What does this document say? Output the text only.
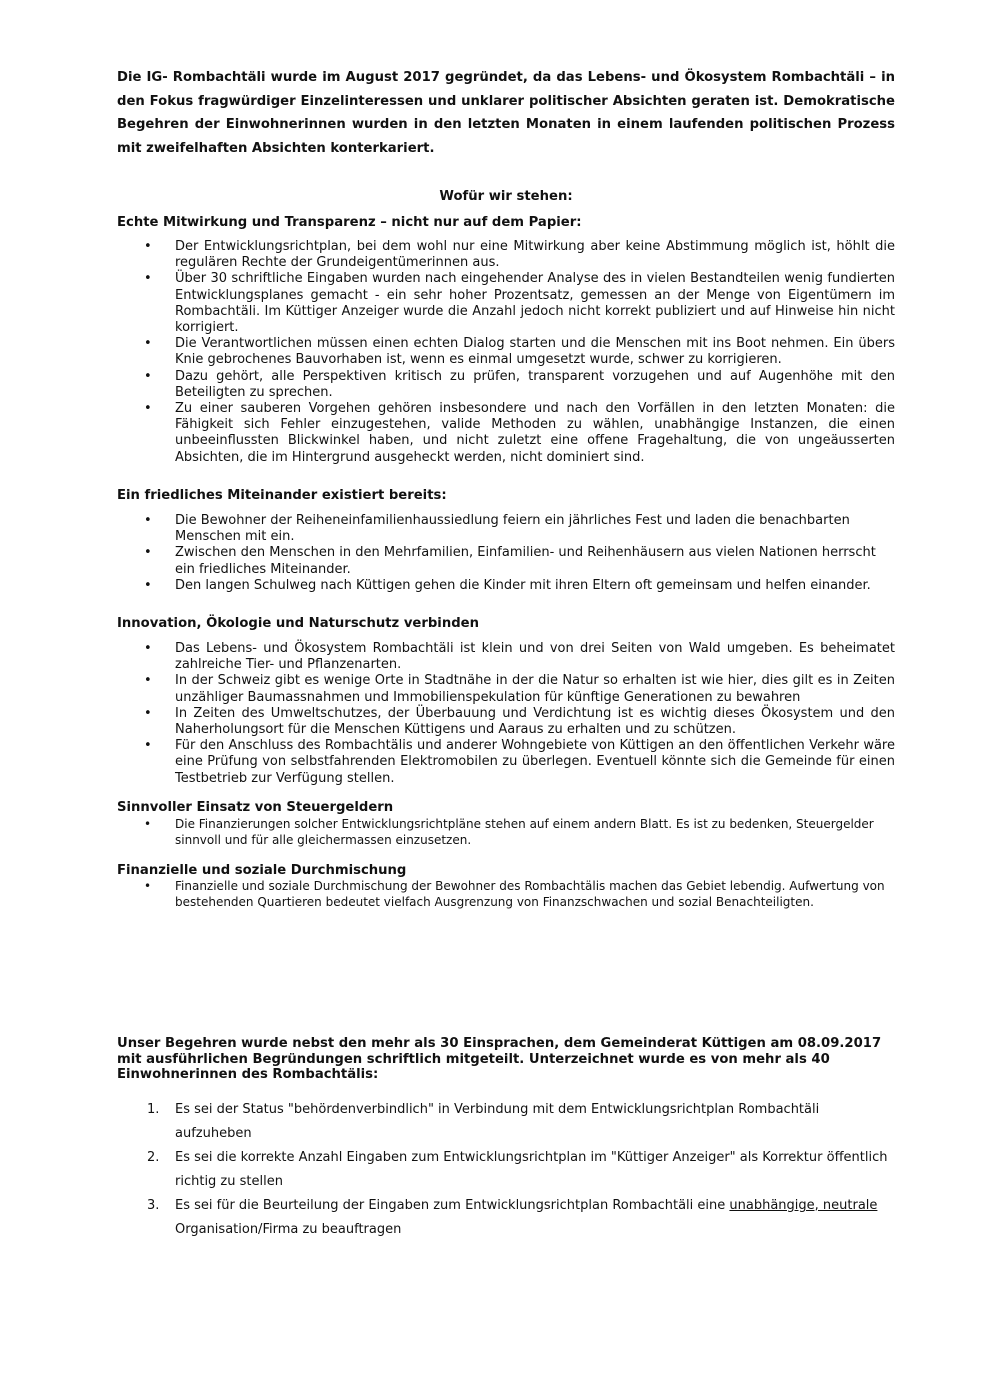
Die IG- Rombachtäli wurde im August 2017 gegründet, da das Lebens- und Ökosystem Rombachtäli – in den Fokus fragwürdiger Einzelinteressen und unklarer politischer Absichten geraten ist. Demokratische Begehren der Einwohnerinnen wurden in den letzten Monaten in einem laufenden politischen Prozess mit zweifelhaften Absichten konterkariert.

Wofür wir stehen:

Echte Mitwirkung und Transparenz – nicht nur auf dem Papier:

• Der Entwicklungsrichtplan, bei dem wohl nur eine Mitwirkung aber keine Abstimmung möglich ist, höhlt die regulären Rechte der Grundeigentümerinnen aus.
• Über 30 schriftliche Eingaben wurden nach eingehender Analyse des in vielen Bestandteilen wenig fundierten Entwicklungsplanes gemacht - ein sehr hoher Prozentsatz, gemessen an der Menge von Eigentümern im Rombachtäli. Im Küttiger Anzeiger wurde die Anzahl jedoch nicht korrekt publiziert und auf Hinweise hin nicht korrigiert.
• Die Verantwortlichen müssen einen echten Dialog starten und die Menschen mit ins Boot nehmen. Ein übers Knie gebrochenes Bauvorhaben ist, wenn es einmal umgesetzt wurde, schwer zu korrigieren.
• Dazu gehört, alle Perspektiven kritisch zu prüfen, transparent vorzugehen und auf Augenhöhe mit den Beteiligten zu sprechen.
• Zu einer sauberen Vorgehen gehören insbesondere und nach den Vorfällen in den letzten Monaten: die Fähigkeit sich Fehler einzugestehen, valide Methoden zu wählen, unabhängige Instanzen, die einen unbeeinflussten Blickwinkel haben, und nicht zuletzt eine offene Fragehaltung, die von ungeäusserten Absichten, die im Hintergrund ausgeheckt werden, nicht dominiert sind.

Ein friedliches Miteinander existiert bereits:

• Die Bewohner der Reiheneinfamilienhaussiedlung feiern ein jährliches Fest und laden die benachbarten Menschen mit ein.
• Zwischen den Menschen in den Mehrfamilien, Einfamilien- und Reihenhäusern aus vielen Nationen herrscht ein friedliches Miteinander.
• Den langen Schulweg nach Küttigen gehen die Kinder mit ihren Eltern oft gemeinsam und helfen einander.

Innovation, Ökologie und Naturschutz verbinden

• Das Lebens- und Ökosystem Rombachtäli ist klein und von drei Seiten von Wald umgeben. Es beheimatet zahlreiche Tier- und Pflanzenarten.
• In der Schweiz gibt es wenige Orte in Stadtnähe in der die Natur so erhalten ist wie hier, dies gilt es in Zeiten unzähliger Baumassnahmen und Immobilienspekulation für künftige Generationen zu bewahren
• In Zeiten des Umweltschutzes, der Überbauung und Verdichtung ist es wichtig dieses Ökosystem und den Naherholungsort für die Menschen Küttigens und Aaraus zu erhalten und zu schützen.
• Für den Anschluss des Rombachtälis und anderer Wohngebiete von Küttigen an den öffentlichen Verkehr wäre eine Prüfung von selbstfahrenden Elektromobilen zu überlegen. Eventuell könnte sich die Gemeinde für einen Testbetrieb zur Verfügung stellen.

Sinnvoller Einsatz von Steuergeldern

• Die Finanzierungen solcher Entwicklungsrichtpläne stehen auf einem andern Blatt. Es ist zu bedenken, Steuergelder sinnvoll und für alle gleichermassen einzusetzen.

Finanzielle und soziale Durchmischung

• Finanzielle und soziale Durchmischung der Bewohner des Rombachtälis machen das Gebiet lebendig. Aufwertung von bestehenden Quartieren bedeutet vielfach Ausgrenzung von Finanzschwachen und sozial Benachteiligten.

Unser Begehren wurde nebst den mehr als 30 Einsprachen, dem Gemeinderat Küttigen am 08.09.2017 mit ausführlichen Begründungen schriftlich mitgeteilt. Unterzeichnet wurde es von mehr als 40 Einwohnerinnen des Rombachtälis:

1. Es sei der Status "behördenverbindlich" in Verbindung mit dem Entwicklungsrichtplan Rombachtäli aufzuheben
2. Es sei die korrekte Anzahl Eingaben zum Entwicklungsrichtplan im "Küttiger Anzeiger" als Korrektur öffentlich richtig zu stellen
3. Es sei für die Beurteilung der Eingaben zum Entwicklungsrichtplan Rombachtäli eine unabhängige, neutrale Organisation/Firma zu beauftragen
